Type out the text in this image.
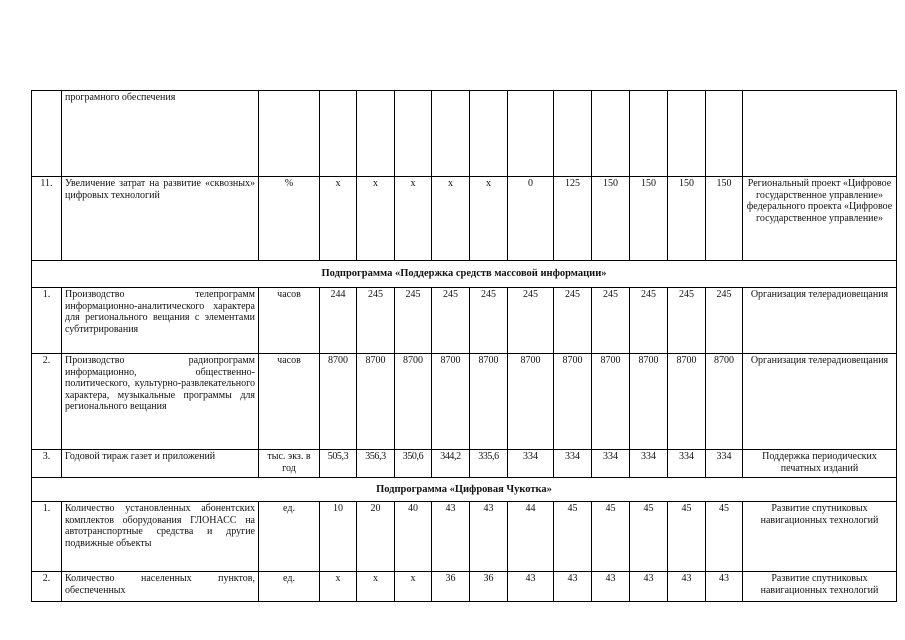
	програмного обеспечения													
11.	Увеличение затрат на развитие «сквозных» цифровых технологий	%	х	х	х	х	х	0	125	150	150	150	150	Региональный проект «Цифровое государственное управление» федерального проекта «Цифровое государственное управление»
Подпрограмма «Поддержка средств массовой информации»														
1.	Производство телепрограмм информационно-аналитического характера для регионального вещания с элементами субтитрирования	часов	244	245	245	245	245	245	245	245	245	245	245	Организация телерадиовещания
2.	Производство радиопрограмм информационно, общественно-политического, культурно-развлекательного характера, музыкальные программы для регионального вещания	часов	8700	8700	8700	8700	8700	8700	8700	8700	8700	8700	8700	Организация телерадиовещания
3.	Годовой тираж газет и приложений	тыс. экз. в год	505,3	356,3	350,6	344,2	335,6	334	334	334	334	334	334	Поддержка периодических печатных изданий
Подпрограмма «Цифровая Чукотка»														
1.	Количество установленных абонентских комплектов оборудования ГЛОНАСС на автотранспортные средства и другие подвижные объекты	ед.	10	20	40	43	43	44	45	45	45	45	45	Развитие спутниковых навигационных технологий
2.	Количество населенных пунктов, обеспеченных	ед.	х	х	х	36	36	43	43	43	43	43	43	Развитие спутниковых навигационных технологий
